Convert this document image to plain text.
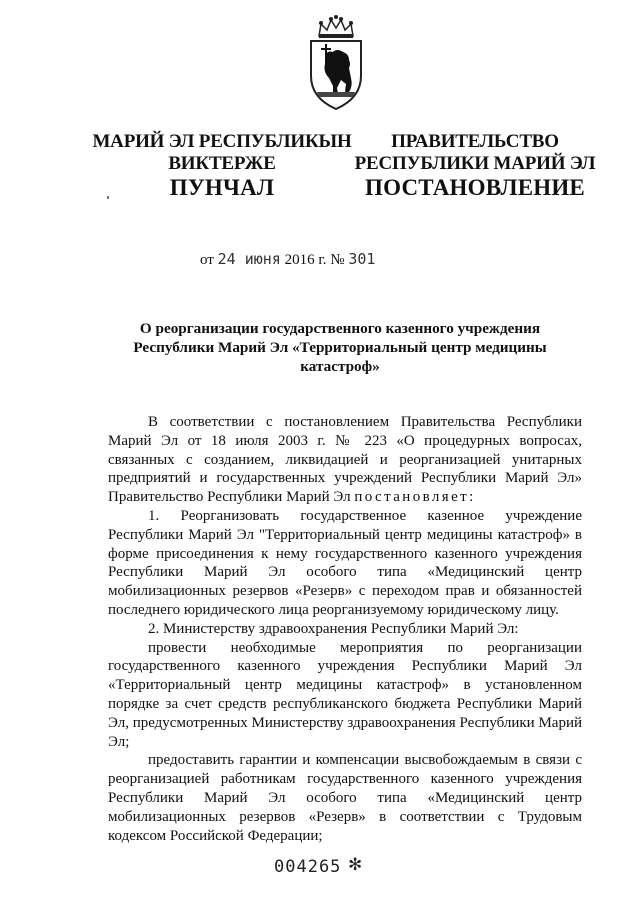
МАРИЙ ЭЛ РЕСПУБЛИКЫН
ВИКТЕРЖЕ
ПРАВИТЕЛЬСТВО
РЕСПУБЛИКИ МАРИЙ ЭЛ
ПУНЧАЛ	ПОСТАНОВЛЕНИЕ
от 24 июня 2016 г. № 301
О реорганизации государственного казенного учреждения
Республики Марий Эл «Территориальный центр медицины
катастроф»

В соответствии с постановлением Правительства Республики Марий Эл от 18 июля 2003 г. № 223 «О процедурных вопросах, связанных с созданием, ликвидацией и реорганизацией унитарных предприятий и государственных учреждений Республики Марий Эл» Правительство Республики Марий Эл постановляет:

1. Реорганизовать государственное казенное учреждение Республики Марий Эл "Территориальный центр медицины катастроф» в форме присоединения к нему государственного казенного учреждения Республики Марий Эл особого типа «Медицинский центр мобилизационных резервов «Резерв» с переходом прав и обязанностей последнего юридического лица реорганизуемому юридическому лицу.

2. Министерству здравоохранения Республики Марий Эл:

провести необходимые мероприятия по реорганизации государственного казенного учреждения Республики Марий Эл «Территориальный центр медицины катастроф» в установленном порядке за счет средств республиканского бюджета Республики Марий Эл, предусмотренных Министерству здравоохранения Республики Марий Эл;

предоставить гарантии и компенсации высвобождаемым в связи с реорганизацией работникам государственного казенного учреждения Республики Марий Эл особого типа «Медицинский центр мобилизационных резервов «Резерв» в соответствии с Трудовым кодексом Российской Федерации;

004265 ✻
